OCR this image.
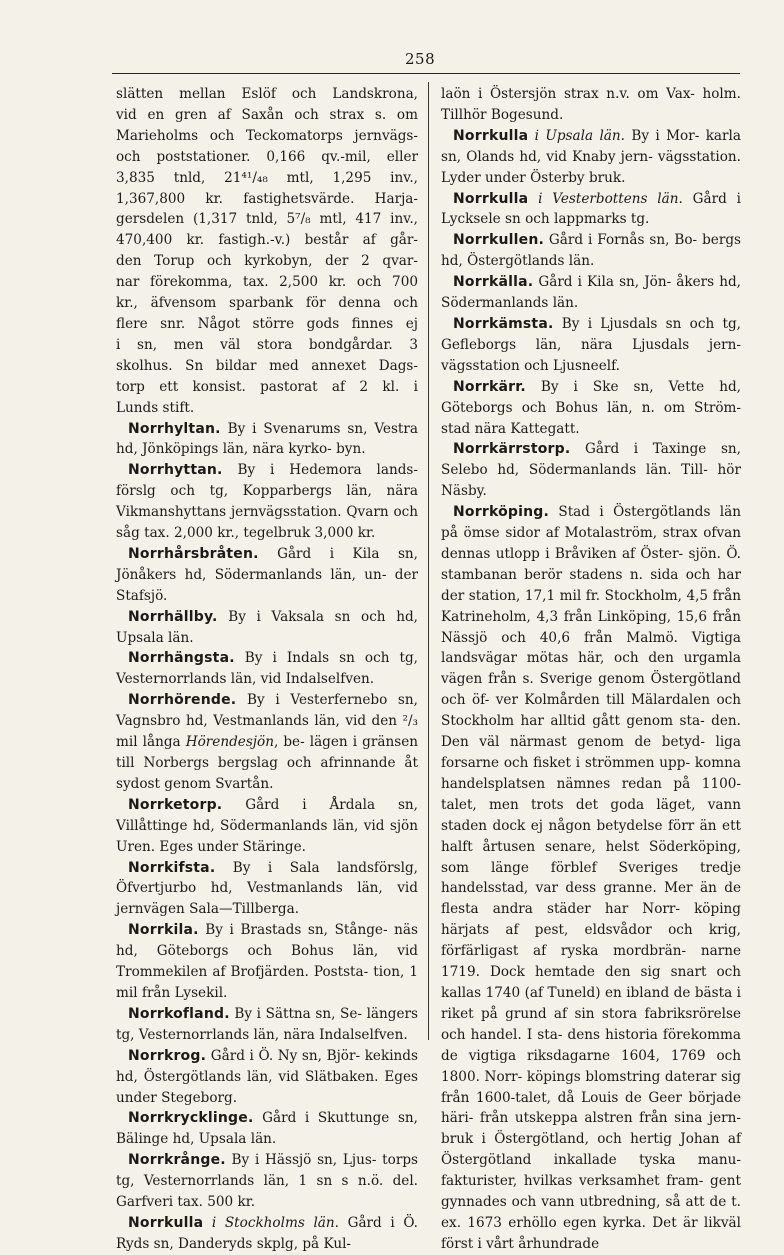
258

slätten mellan Eslöf och Landskrona,
vid en gren af Saxån och strax s. om
Marieholms och Teckomatorps jernvägs-
och poststationer. 0,166 qv.-mil, eller
3,835 tnld, 21⁴¹/₄₈ mtl, 1,295 inv.,
1,367,800 kr. fastighetsvärde. Harja-
gersdelen (1,317 tnld, 5⁷/₈ mtl, 417 inv.,
470,400 kr. fastigh.-v.) består af går-
den Torup och kyrkobyn, der 2 qvar-
nar förekomma, tax. 2,500 kr. och 700
kr., äfvensom sparbank för denna och
flere snr. Något större gods finnes ej
i sn, men väl stora bondgårdar. 3
skolhus. Sn bildar med annexet Dags-
torp ett konsist. pastorat af 2 kl. i
Lunds stift.

Norrhyltan. By i Svenarums sn, Vestra hd, Jönköpings län, nära kyrko- byn.

Norrhyttan. By i Hedemora lands- förslg och tg, Kopparbergs län, nära Vikmanshyttans jernvägsstation. Qvarn och såg tax. 2,000 kr., tegelbruk 3,000 kr.

Norrhårsbråten. Gård i Kila sn, Jönåkers hd, Södermanlands län, un- der Stafsjö.

Norrhällby. By i Vaksala sn och hd, Upsala län.

Norrhängsta. By i Indals sn och tg, Vesternorrlands län, vid Indalselfven.

Norrhörende. By i Vesterfernebo sn, Vagnsbro hd, Vestmanlands län, vid den ²/₃ mil långa Hörendesjön, be- lägen i gränsen till Norbergs bergslag och afrinnande åt sydost genom Svartån.

Norrketorp. Gård i Årdala sn, Villåttinge hd, Södermanlands län, vid sjön Uren. Eges under Stäringe.

Norrkifsta. By i Sala landsförslg, Öfvertjurbo hd, Vestmanlands län, vid jernvägen Sala—Tillberga.

Norrkila. By i Brastads sn, Stånge- näs hd, Göteborgs och Bohus län, vid Trommekilen af Brofjärden. Poststa- tion, 1 mil från Lysekil.

Norrkofland. By i Sättna sn, Se- längers tg, Vesternorrlands län, nära Indalselfven.

Norrkrog. Gård i Ö. Ny sn, Björ- kekinds hd, Östergötlands län, vid Slätbaken. Eges under Stegeborg.

Norrkrycklinge. Gård i Skuttunge sn, Bälinge hd, Upsala län.

Norrkrånge. By i Hässjö sn, Ljus- torps tg, Vesternorrlands län, 1 sn s n.ö. del. Garfveri tax. 500 kr.

Norrkulla i Stockholms län. Gård i Ö. Ryds sn, Danderyds skplg, på Kul-

laön i Östersjön strax n.v. om Vax- holm. Tillhör Bogesund.

Norrkulla i Upsala län. By i Mor- karla sn, Olands hd, vid Knaby jern- vägsstation. Lyder under Österby bruk.

Norrkulla i Vesterbottens län. Gård i Lycksele sn och lappmarks tg.

Norrkullen. Gård i Fornås sn, Bo- bergs hd, Östergötlands län.

Norrkälla. Gård i Kila sn, Jön- åkers hd, Södermanlands län.

Norrkämsta. By i Ljusdals sn och tg, Gefleborgs län, nära Ljusdals jern- vägsstation och Ljusneelf.

Norrkärr. By i Ske sn, Vette hd, Göteborgs och Bohus län, n. om Ström- stad nära Kattegatt.

Norrkärrstorp. Gård i Taxinge sn, Selebo hd, Södermanlands län. Till- hör Näsby.

Norrköping. Stad i Östergötlands län på ömse sidor af Motalaström, strax ofvan dennas utlopp i Bråviken af Öster- sjön. Ö. stambanan berör stadens n. sida och har der station, 17,1 mil fr. Stockholm, 4,5 från Katrineholm, 4,3 från Linköping, 15,6 från Nässjö och 40,6 från Malmö. Vigtiga landsvägar mötas här, och den urgamla vägen från s. Sverige genom Östergötland och öf- ver Kolmården till Mälardalen och Stockholm har alltid gått genom sta- den. Den väl närmast genom de betyd- liga forsarne och fisket i strömmen upp- komna handelsplatsen nämnes redan på 1100-talet, men trots det goda läget, vann staden dock ej någon betydelse förr än ett halft årtusen senare, helst Söderköping, som länge förblef Sveriges tredje handelsstad, var dess granne. Mer än de flesta andra städer har Norr- köping härjats af pest, eldsvådor och krig, förfärligast af ryska mordbrän- narne 1719. Dock hemtade den sig snart och kallas 1740 (af Tuneld) en ibland de bästa i riket på grund af sin stora fabriksrörelse och handel. I sta- dens historia förekomma de vigtiga riksdagarne 1604, 1769 och 1800. Norr- köpings blomstring daterar sig från 1600-talet, då Louis de Geer började häri- från utskeppa alstren från sina jern- bruk i Östergötland, och hertig Johan af Östergötland inkallade tyska manu- fakturister, hvilkas verksamhet fram- gent gynnades och vann utbredning, så att de t. ex. 1673 erhöllo egen kyrka. Det är likväl först i vårt århundrade
